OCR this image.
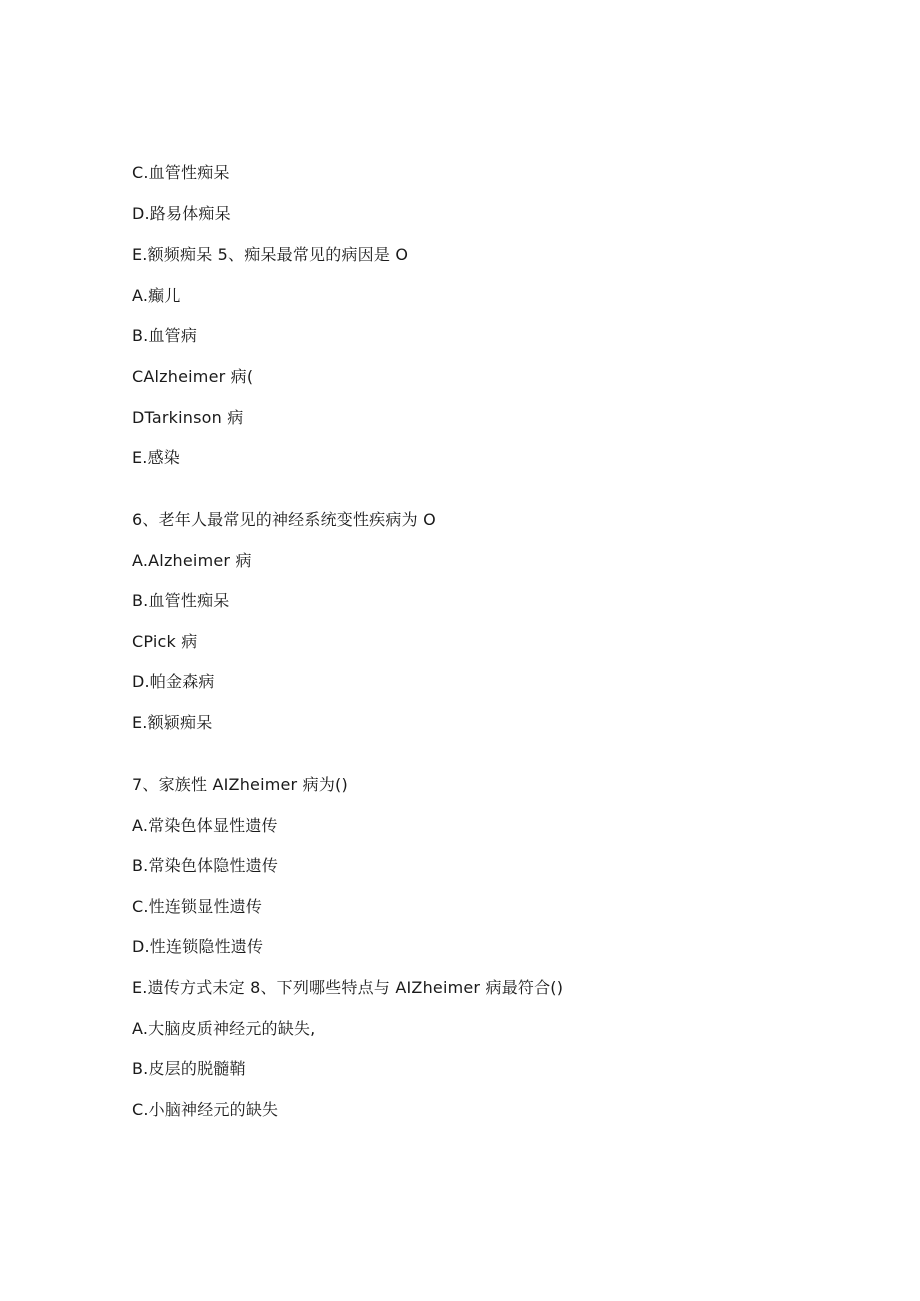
C.血管性痴呆
D.路易体痴呆
E.额频痴呆 5、痴呆最常见的病因是 O
A.癫儿
B.血管病
CAlzheimer 病(
DTarkinson 病
E.感染
6、老年人最常见的神经系统变性疾病为 O
A.Alzheimer 病
B.血管性痴呆
CPick 病
D.帕金森病
E.额颍痴呆
7、家族性 AIZheimer 病为()
A.常染色体显性遗传
B.常染色体隐性遗传
C.性连锁显性遗传
D.性连锁隐性遗传
E.遗传方式未定 8、下列哪些特点与 AIZheimer 病最符合()
A.大脑皮质神经元的缺失,
B.皮层的脱髓鞘
C.小脑神经元的缺失
